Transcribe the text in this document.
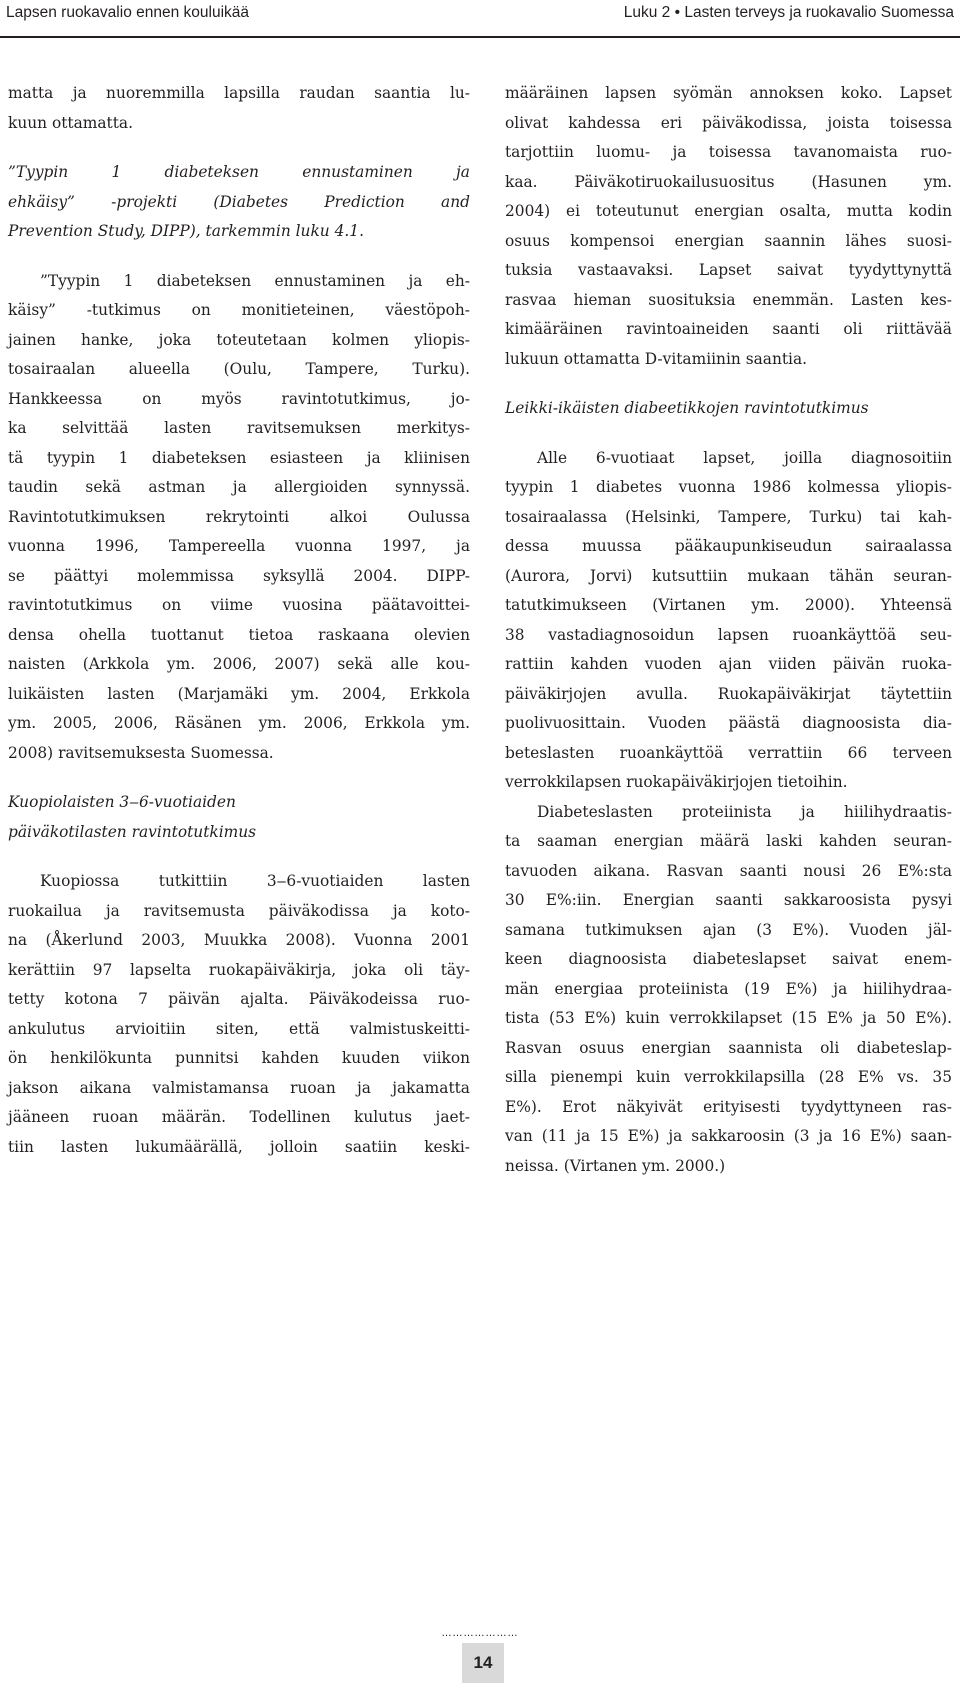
Lapsen ruokavalio ennen kouluikää	Luku 2 • Lasten terveys ja ruokavalio Suomessa

matta ja nuoremmilla lapsilla raudan saantia lu-
kuun ottamatta.

”Tyypin 1 diabeteksen ennustaminen ja
ehkäisy” -projekti (Diabetes Prediction and
Prevention Study, DIPP), tarkemmin luku 4.1.

”Tyypin 1 diabeteksen ennustaminen ja eh-
käisy” -tutkimus on monitieteinen, väestöpoh-
jainen hanke, joka toteutetaan kolmen yliopis-
tosairaalan alueella (Oulu, Tampere, Turku).
Hankkeessa on myös ravintotutkimus, jo-
ka selvittää lasten ravitsemuksen merkitys-
tä tyypin 1 diabeteksen esiasteen ja kliinisen
taudin sekä astman ja allergioiden synnyssä.
Ravintotutkimuksen rekrytointi alkoi Oulussa
vuonna 1996, Tampereella vuonna 1997, ja
se päättyi molemmissa syksyllä 2004. DIPP-
ravintotutkimus on viime vuosina päätavoittei-
densa ohella tuottanut tietoa raskaana olevien
naisten (Arkkola ym. 2006, 2007) sekä alle kou-
luikäisten lasten (Marjamäki ym. 2004, Erkkola
ym. 2005, 2006, Räsänen ym. 2006, Erkkola ym.
2008) ravitsemuksesta Suomessa.

Kuopiolaisten 3‒6-vuotiaiden
päiväkotilasten ravintotutkimus

Kuopiossa tutkittiin 3‒6-vuotiaiden lasten
ruokailua ja ravitsemusta päiväkodissa ja koto-
na (Åkerlund 2003, Muukka 2008). Vuonna 2001
kerättiin 97 lapselta ruokapäiväkirja, joka oli täy-
tetty kotona 7 päivän ajalta. Päiväkodeissa ruo-
ankulutus arvioitiin siten, että valmistuskeitti-
ön henkilökunta punnitsi kahden kuuden viikon
jakson aikana valmistamansa ruoan ja jakamatta
jääneen ruoan määrän. Todellinen kulutus jaet-
tiin lasten lukumäärällä, jolloin saatiin keski-

määräinen lapsen syömän annoksen koko. Lapset
olivat kahdessa eri päiväkodissa, joista toisessa
tarjottiin luomu- ja toisessa tavanomaista ruo-
kaa. Päiväkotiruokailusuositus (Hasunen ym.
2004) ei toteutunut energian osalta, mutta kodin
osuus kompensoi energian saannin lähes suosi-
tuksia vastaavaksi. Lapset saivat tyydyttynyttä
rasvaa hieman suosituksia enemmän. Lasten kes-
kimääräinen ravintoaineiden saanti oli riittävää
lukuun ottamatta D-vitamiinin saantia.

Leikki-ikäisten diabeetikkojen ravintotutkimus

Alle 6-vuotiaat lapset, joilla diagnosoitiin
tyypin 1 diabetes vuonna 1986 kolmessa yliopis-
tosairaalassa (Helsinki, Tampere, Turku) tai kah-
dessa muussa pääkaupunkiseudun sairaalassa
(Aurora, Jorvi) kutsuttiin mukaan tähän seuran-
tatutkimukseen (Virtanen ym. 2000). Yhteensä
38 vastadiagnosoidun lapsen ruoankäyttöä seu-
rattiin kahden vuoden ajan viiden päivän ruoka-
päiväkirjojen avulla. Ruokapäiväkirjat täytettiin
puolivuosittain. Vuoden päästä diagnoosista dia-
beteslasten ruoankäyttöä verrattiin 66 terveen
verrokkilapsen ruokapäiväkirjojen tietoihin.

Diabeteslasten proteiinista ja hiilihydraatis-
ta saaman energian määrä laski kahden seuran-
tavuoden aikana. Rasvan saanti nousi 26 E%:sta
30 E%:iin. Energian saanti sakkaroosista pysyi
samana tutkimuksen ajan (3 E%). Vuoden jäl-
keen diagnoosista diabeteslapset saivat enem-
män energiaa proteiinista (19 E%) ja hiilihydraa-
tista (53 E%) kuin verrokkilapset (15 E% ja 50 E%).
Rasvan osuus energian saannista oli diabeteslap-
silla pienempi kuin verrokkilapsilla (28 E% vs. 35
E%). Erot näkyivät erityisesti tyydyttyneen ras-
van (11 ja 15 E%) ja sakkaroosin (3 ja 16 E%) saan-
neissa. (Virtanen ym. 2000.)

…………………
14
